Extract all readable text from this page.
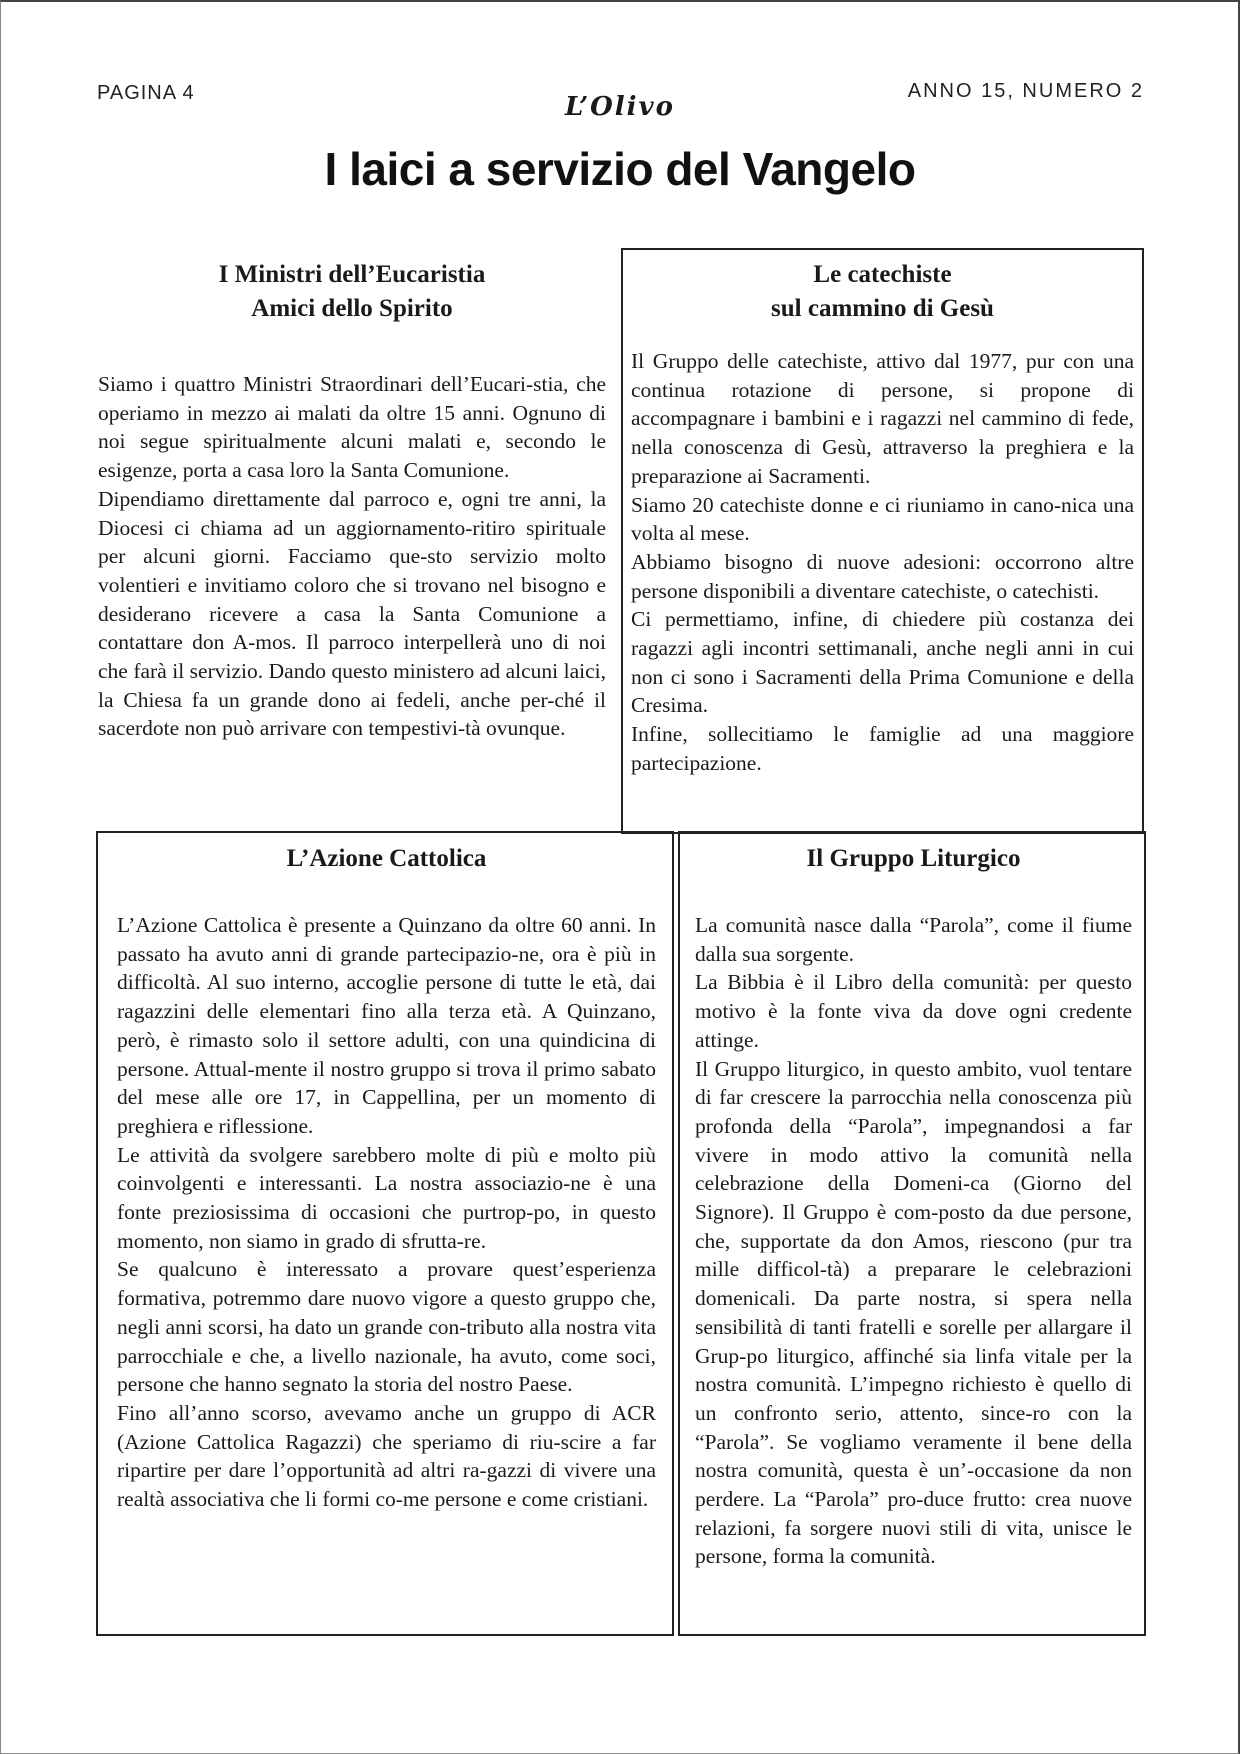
PAGINA 4	L’Olivo
ANNO 15, NUMERO 2
I laici a servizio del Vangelo

I Ministri dell’Eucaristia

Amici dello Spirito

Siamo i quattro Ministri Straordinari dell’Eucari-stia, che operiamo in mezzo ai malati da oltre 15 anni. Ognuno di noi segue spiritualmente alcuni malati e, secondo le esigenze, porta a casa loro la Santa Comunione.

Dipendiamo direttamente dal parroco e, ogni tre anni, la Diocesi ci chiama ad un aggiornamento-ritiro spirituale per alcuni giorni. Facciamo que-sto servizio molto volentieri e invitiamo coloro che si trovano nel bisogno e desiderano ricevere a casa la Santa Comunione a contattare don A-mos. Il parroco interpellerà uno di noi che farà il servizio. Dando questo ministero ad alcuni laici, la Chiesa fa un grande dono ai fedeli, anche per-ché il sacerdote non può arrivare con tempestivi-tà ovunque.

Le catechiste

sul cammino di Gesù

Il Gruppo delle catechiste, attivo dal 1977, pur con una continua rotazione di persone, si propone di accompagnare i bambini e i ragazzi nel cammino di fede, nella conoscenza di Gesù, attraverso la preghiera e la preparazione ai Sacramenti.

Siamo 20 catechiste donne e ci riuniamo in cano-nica una volta al mese.

Abbiamo bisogno di nuove adesioni: occorrono altre persone disponibili a diventare catechiste, o catechisti.

Ci permettiamo, infine, di chiedere più costanza dei ragazzi agli incontri settimanali, anche negli anni in cui non ci sono i Sacramenti della Prima Comunione e della Cresima.

Infine, sollecitiamo le famiglie ad una maggiore partecipazione.

L’Azione Cattolica

L’Azione Cattolica è presente a Quinzano da oltre 60 anni. In passato ha avuto anni di grande partecipazio-ne, ora è più in difficoltà. Al suo interno, accoglie persone di tutte le età, dai ragazzini delle elementari fino alla terza età. A Quinzano, però, è rimasto solo il settore adulti, con una quindicina di persone. Attual-mente il nostro gruppo si trova il primo sabato del mese alle ore 17, in Cappellina, per un momento di preghiera e riflessione.

Le attività da svolgere sarebbero molte di più e molto più coinvolgenti e interessanti. La nostra associazio-ne è una fonte preziosissima di occasioni che purtrop-po, in questo momento, non siamo in grado di sfrutta-re.

Se qualcuno è interessato a provare quest’esperienza formativa, potremmo dare nuovo vigore a questo gruppo che, negli anni scorsi, ha dato un grande con-tributo alla nostra vita parrocchiale e che, a livello nazionale, ha avuto, come soci, persone che hanno segnato la storia del nostro Paese.

Fino all’anno scorso, avevamo anche un gruppo di ACR (Azione Cattolica Ragazzi) che speriamo di riu-scire a far ripartire per dare l’opportunità ad altri ra-gazzi di vivere una realtà associativa che li formi co-me persone e come cristiani.

Il Gruppo Liturgico

La comunità nasce dalla “Parola”, come il fiume dalla sua sorgente.

La Bibbia è il Libro della comunità: per questo motivo è la fonte viva da dove ogni credente attinge.

Il Gruppo liturgico, in questo ambito, vuol tentare di far crescere la parrocchia nella conoscenza più profonda della “Parola”, impegnandosi a far vivere in modo attivo la comunità nella celebrazione della Domeni-ca (Giorno del Signore). Il Gruppo è com-posto da due persone, che, supportate da don Amos, riescono (pur tra mille difficol-tà) a preparare le celebrazioni domenicali. Da parte nostra, si spera nella sensibilità di tanti fratelli e sorelle per allargare il Grup-po liturgico, affinché sia linfa vitale per la nostra comunità. L’impegno richiesto è quello di un confronto serio, attento, since-ro con la “Parola”. Se vogliamo veramente il bene della nostra comunità, questa è un’-occasione da non perdere. La “Parola” pro-duce frutto: crea nuove relazioni, fa sorgere nuovi stili di vita, unisce le persone, forma la comunità.
